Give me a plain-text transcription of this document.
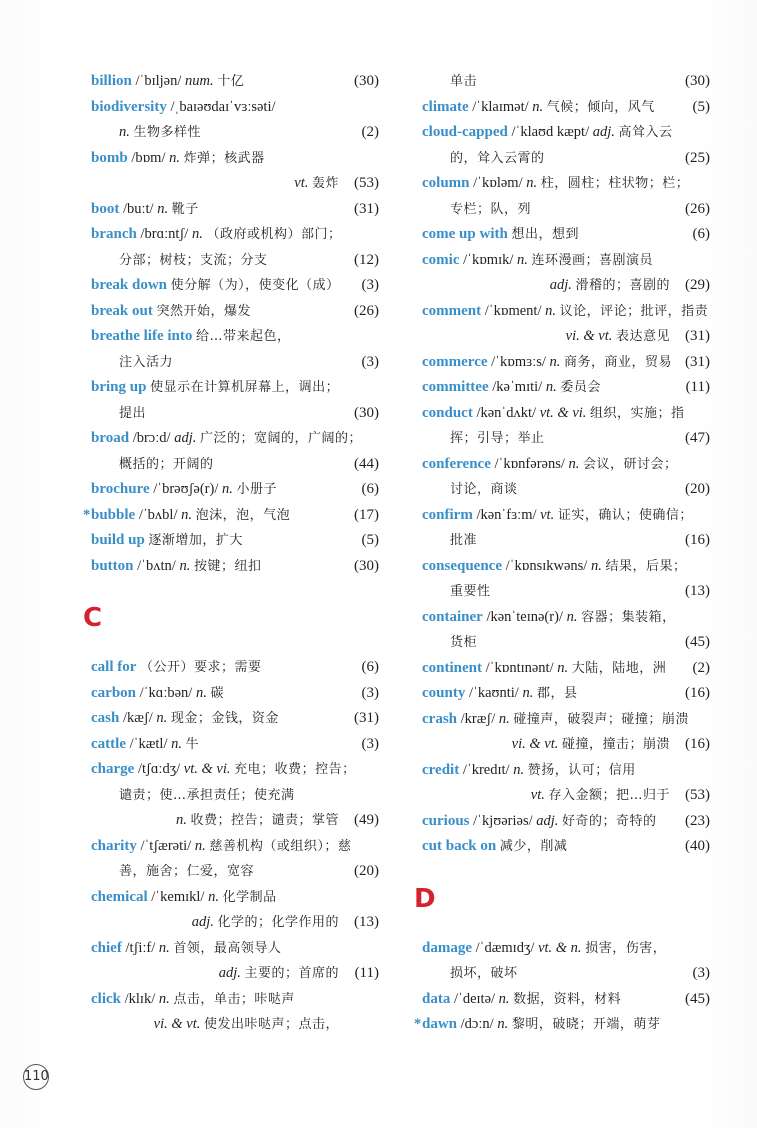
billion /ˈbɪljən/ num. 十亿	(30)
biodiversity /ˌbaɪəʊdaɪˈvɜːsəti/
n. 生物多样性	(2)
bomb /bɒm/ n. 炸弹；核武器
vt. 轰炸 (53)
boot /buːt/ n. 靴子	(31)
branch /brɑːntʃ/ n. （政府或机构）部门；
分部；树枝；支流；分支	(12)
break down 使分解（为），使变化（成） (3)
break out 突然开始，爆发	(26)
breathe life into 给…带来起色，
注入活力	(3)
bring up 使显示在计算机屏幕上，调出；
提出	(30)
broad /brɔːd/ adj. 广泛的；宽阔的，广阔的；
概括的；开阔的	(44)
brochure /ˈbrəʊʃə(r)/ n. 小册子	(6)
* bubble /ˈbʌbl/ n. 泡沫，泡，气泡	(17)
build up 逐渐增加，扩大	(5)
button /ˈbʌtn/ n. 按键；纽扣	(30)
C
call for （公开）要求；需要	(6)
carbon /ˈkɑːbən/ n. 碳	(3)
cash /kæʃ/ n. 现金；金钱，资金	(31)
cattle /ˈkætl/ n. 牛	(3)
charge /tʃɑːdʒ/ vt. & vi. 充电；收费；控告；
谴责；使…承担责任；使充满
n. 收费；控告；谴责；掌管 (49)
charity /ˈtʃærəti/ n. 慈善机构（或组织）；慈
善，施舍；仁爱，宽容	(20)
chemical /ˈkemɪkl/ n. 化学制品
adj. 化学的；化学作用的 (13)
chief /tʃiːf/ n. 首领，最高领导人
adj. 主要的；首席的 (11)
click /klɪk/ n. 点击，单击；咔哒声
vi. & vt. 使发出咔哒声；点击，
单击	(30)
climate /ˈklaɪmət/ n. 气候；倾向，风气	(5)
cloud-capped /ˈklaʊd kæpt/ adj. 高耸入云
的，耸入云霄的	(25)
column /ˈkɒləm/ n. 柱，圆柱；柱状物；栏；
专栏；队，列	(26)
come up with 想出，想到	(6)
comic /ˈkɒmɪk/ n. 连环漫画；喜剧演员
adj. 滑稽的；喜剧的 (29)
comment /ˈkɒment/ n. 议论，评论；批评，指责
vi. & vt. 表达意见 (31)
commerce /ˈkɒmɜːs/ n. 商务，商业，贸易 (31)
committee /kəˈmɪti/ n. 委员会	(11)
conduct /kənˈdʌkt/ vt. & vi. 组织，实施；指
挥；引导；举止	(47)
conference /ˈkɒnfərəns/ n. 会议，研讨会；
讨论，商谈	(20)
confirm /kənˈfɜːm/ vt. 证实，确认；使确信；
批准	(16)
consequence /ˈkɒnsɪkwəns/ n. 结果，后果；
重要性	(13)
container /kənˈteɪnə(r)/ n. 容器；集装箱，
货柜	(45)
continent /ˈkɒntɪnənt/ n. 大陆，陆地，洲 (2)
county /ˈkaʊnti/ n. 郡，县	(16)
crash /kræʃ/ n. 碰撞声，破裂声；碰撞；崩溃
vi. & vt. 碰撞，撞击；崩溃 (16)
credit /ˈkredɪt/ n. 赞扬，认可；信用
vt. 存入金额；把…归于 (53)
curious /ˈkjʊəriəs/ adj. 好奇的；奇特的 (23)
cut back on 减少，削减	(40)
D
damage /ˈdæmɪdʒ/ vt. & n. 损害，伤害，
损坏，破坏	(3)
data /ˈdeɪtə/ n. 数据，资料，材料	(45)
* dawn /dɔːn/ n. 黎明，破晓；开端，萌芽
110
